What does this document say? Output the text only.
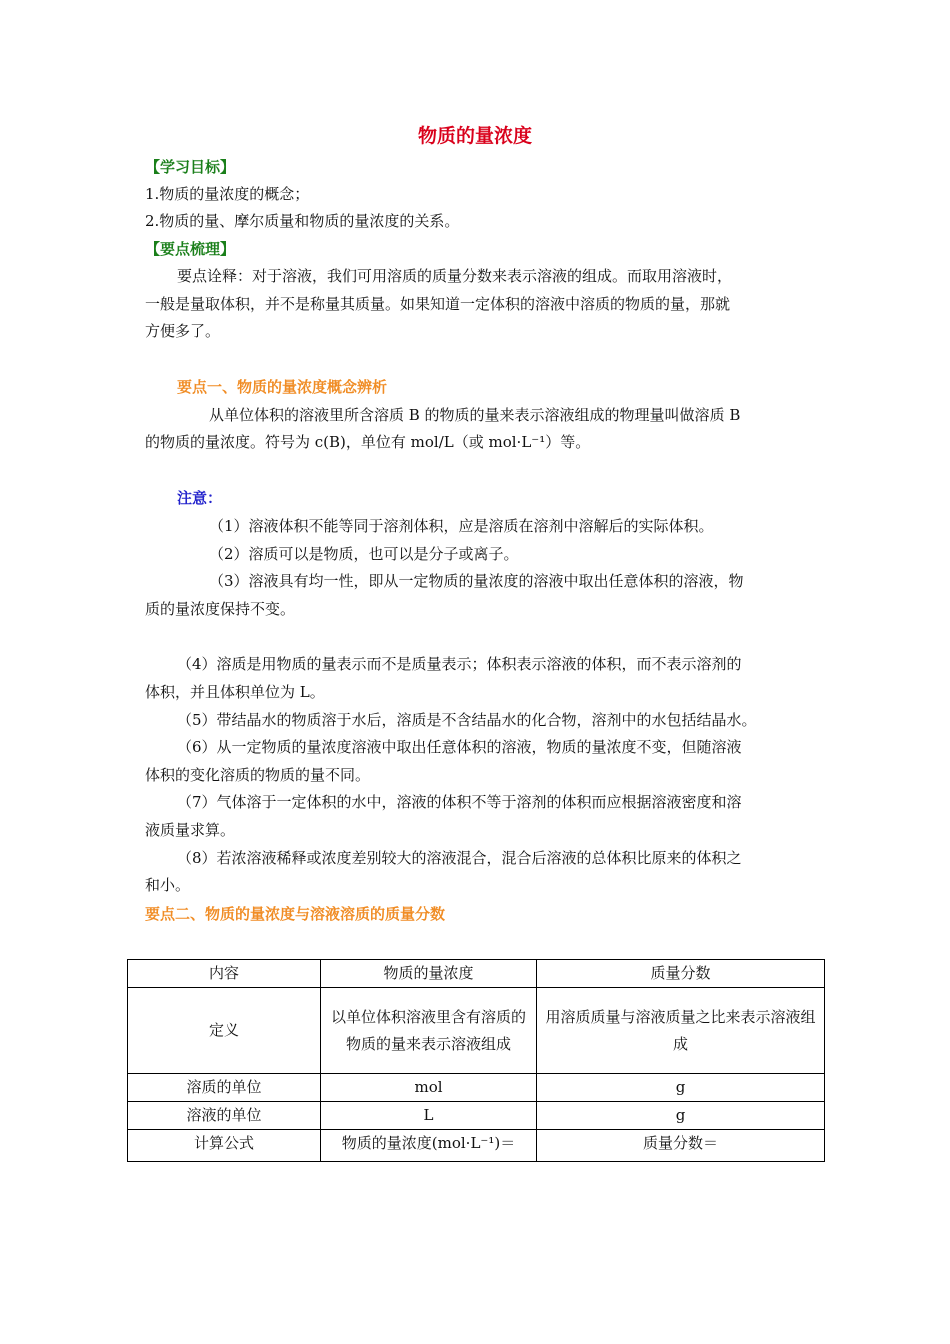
物质的量浓度
【学习目标】
1.物质的量浓度的概念；
2.物质的量、摩尔质量和物质的量浓度的关系。
【要点梳理】
要点诠释：对于溶液，我们可用溶质的质量分数来表示溶液的组成。而取用溶液时，
一般是量取体积，并不是称量其质量。如果知道一定体积的溶液中溶质的物质的量，那就
方便多了。
要点一、物质的量浓度概念辨析
从单位体积的溶液里所含溶质 B 的物质的量来表示溶液组成的物理量叫做溶质 B
的物质的量浓度。符号为 c(B)，单位有 mol/L（或 mol·L⁻¹）等。
注意：
（1）溶液体积不能等同于溶剂体积，应是溶质在溶剂中溶解后的实际体积。
（2）溶质可以是物质，也可以是分子或离子。
（3）溶液具有均一性，即从一定物质的量浓度的溶液中取出任意体积的溶液，物
质的量浓度保持不变。
（4）溶质是用物质的量表示而不是质量表示；体积表示溶液的体积，而不表示溶剂的
体积，并且体积单位为 L。
（5）带结晶水的物质溶于水后，溶质是不含结晶水的化合物，溶剂中的水包括结晶水。
（6）从一定物质的量浓度溶液中取出任意体积的溶液，物质的量浓度不变，但随溶液
体积的变化溶质的物质的量不同。
（7）气体溶于一定体积的水中，溶液的体积不等于溶剂的体积而应根据溶液密度和溶
液质量求算。
（8）若浓溶液稀释或浓度差别较大的溶液混合，混合后溶液的总体积比原来的体积之
和小。
要点二、物质的量浓度与溶液溶质的质量分数
内容	物质的量浓度	质量分数
定义	以单位体积溶液里含有溶质的物质的量来表示溶液组成	用溶质质量与溶液质量之比来表示溶液组成
溶质的单位	mol	g
溶液的单位	L	g
计算公式	物质的量浓度(mol·L⁻¹)＝	质量分数＝
